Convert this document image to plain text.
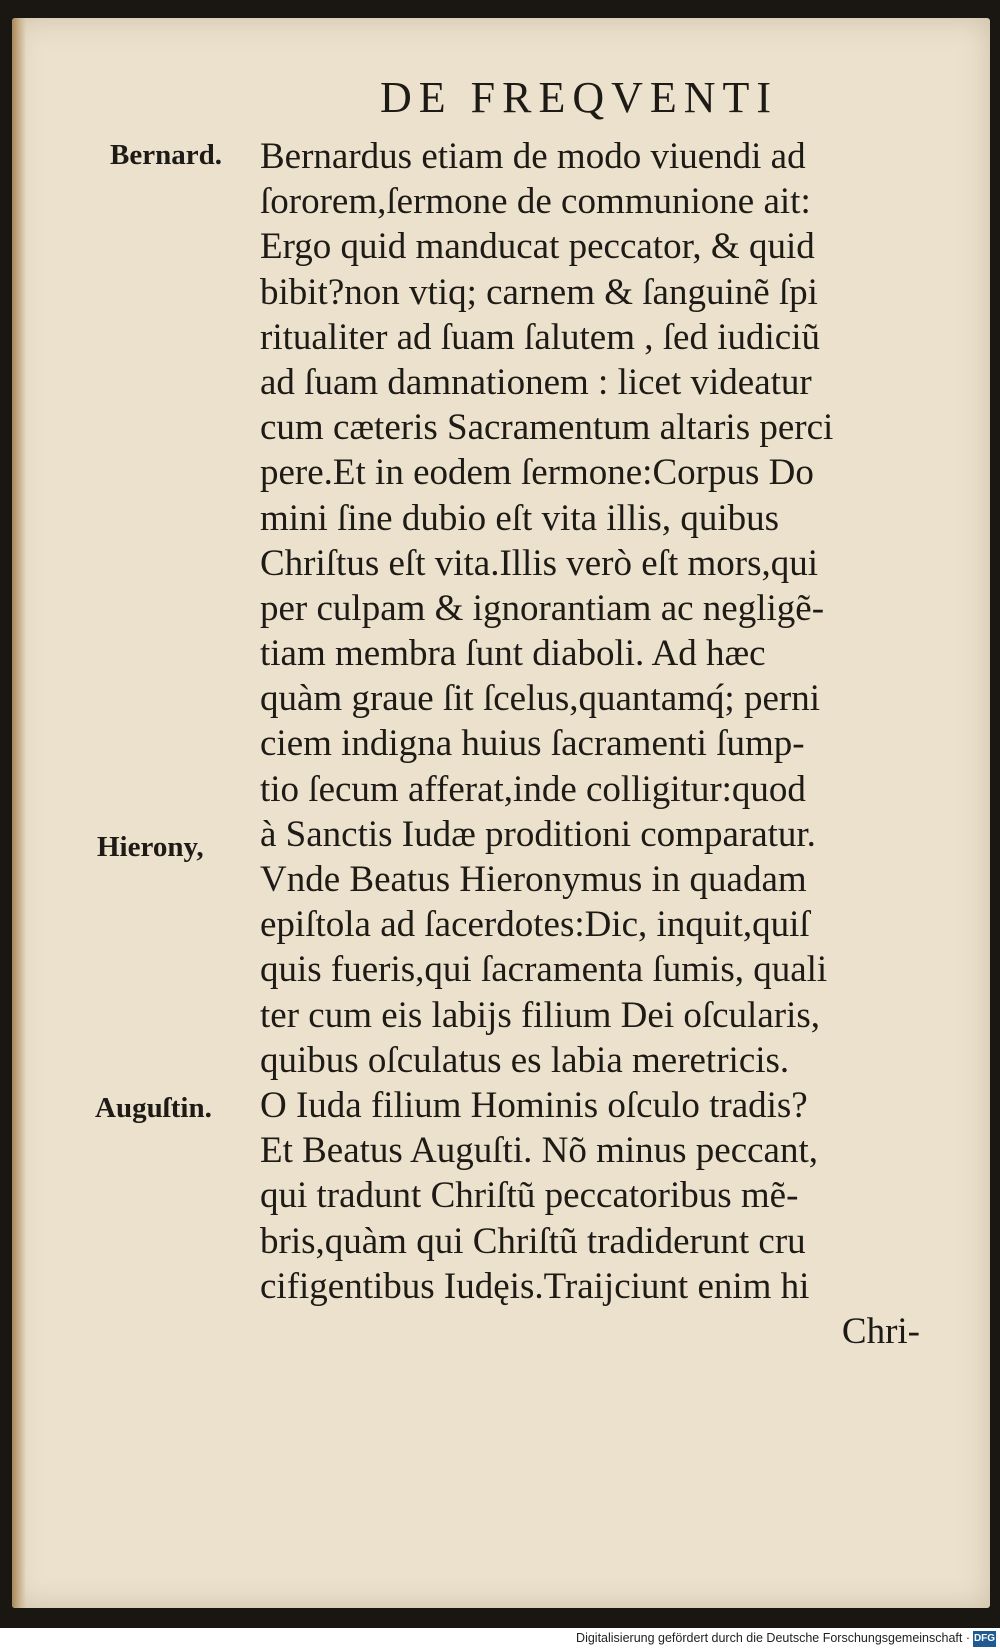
DE FREQVENTI
Bernard.
Hierony,
Auguſtin.
Bernardus etiam de modo viuendi ad
ſororem,ſermone de communione ait:
Ergo quid manducat peccator, & quid
bibit?non vtiq; carnem & ſanguinẽ ſpi
ritualiter ad ſuam ſalutem , ſed iudiciũ
ad ſuam damnationem : licet videatur
cum cæteris Sacramentum altaris perci
pere.Et in eodem ſermone:Corpus Do
mini ſine dubio eſt vita illis, quibus
Chriſtus eſt vita.Illis verò eſt mors,qui
per culpam & ignorantiam ac negligẽ-
tiam membra ſunt diaboli. Ad hæc
quàm graue ſit ſcelus,quantamq́; perni
ciem indigna huius ſacramenti ſump-
tio ſecum afferat,inde colligitur:quod
à Sanctis Iudæ proditioni comparatur.
Vnde Beatus Hieronymus in quadam
epiſtola ad ſacerdotes:Dic, inquit,quiſ
quis fueris,qui ſacramenta ſumis, quali
ter cum eis labijs filium Dei oſcularis,
quibus oſculatus es labia meretricis.
O Iuda filium Hominis oſculo tradis?
Et Beatus Auguſti. Nõ minus peccant,
qui tradunt Chriſtũ peccatoribus mẽ-
bris,quàm qui Chriſtũ tradiderunt cru
cifigentibus Iudęis.Traijciunt enim hi
Chri-
Digitalisierung gefördert durch die Deutsche Forschungsgemeinschaft · DFG
